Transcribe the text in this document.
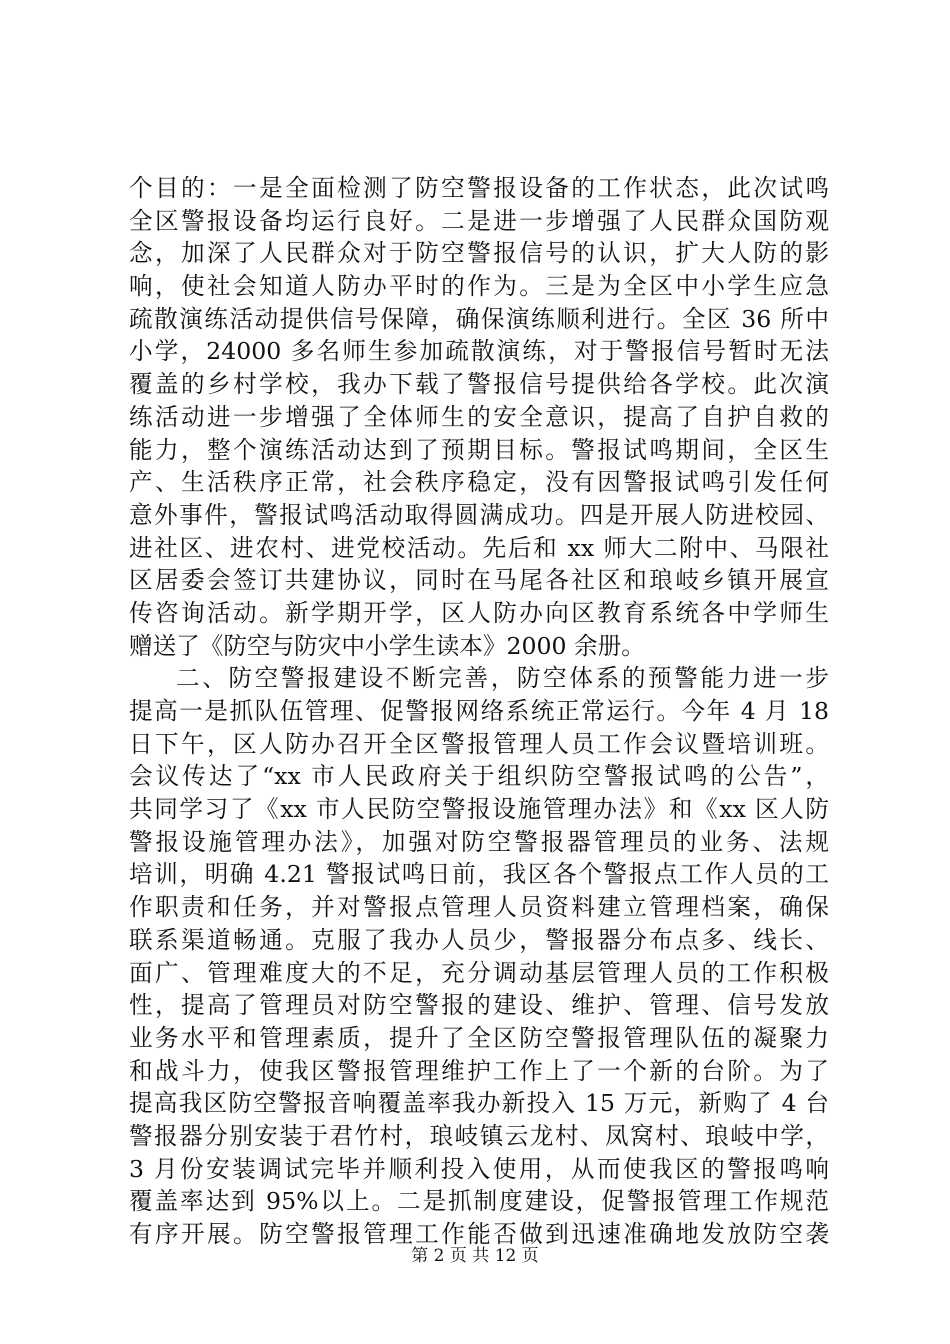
个目的：一是全面检测了防空警报设备的工作状态，此次试鸣
全区警报设备均运行良好。二是进一步增强了人民群众国防观
念，加深了人民群众对于防空警报信号的认识，扩大人防的影
响，使社会知道人防办平时的作为。三是为全区中小学生应急
疏散演练活动提供信号保障，确保演练顺利进行。全区 36 所中
小学，24000 多名师生参加疏散演练，对于警报信号暂时无法
覆盖的乡村学校，我办下载了警报信号提供给各学校。此次演
练活动进一步增强了全体师生的安全意识，提高了自护自救的
能力，整个演练活动达到了预期目标。警报试鸣期间，全区生
产、生活秩序正常，社会秩序稳定，没有因警报试鸣引发任何
意外事件，警报试鸣活动取得圆满成功。四是开展人防进校园、
进社区、进农村、进党校活动。先后和 xx 师大二附中、马限社
区居委会签订共建协议，同时在马尾各社区和琅岐乡镇开展宣
传咨询活动。新学期开学，区人防办向区教育系统各中学师生
赠送了《防空与防灾中小学生读本》2000 余册。
二、防空警报建设不断完善，防空体系的预警能力进一步
提高一是抓队伍管理、促警报网络系统正常运行。今年 4 月 18
日下午，区人防办召开全区警报管理人员工作会议暨培训班。
会议传达了“xx 市人民政府关于组织防空警报试鸣的公告”，
共同学习了《xx 市人民防空警报设施管理办法》和《xx 区人防
警报设施管理办法》，加强对防空警报器管理员的业务、法规
培训，明确 4.21 警报试鸣日前，我区各个警报点工作人员的工
作职责和任务，并对警报点管理人员资料建立管理档案，确保
联系渠道畅通。克服了我办人员少，警报器分布点多、线长、
面广、管理难度大的不足，充分调动基层管理人员的工作积极
性，提高了管理员对防空警报的建设、维护、管理、信号发放
业务水平和管理素质，提升了全区防空警报管理队伍的凝聚力
和战斗力，使我区警报管理维护工作上了一个新的台阶。为了
提高我区防空警报音响覆盖率我办新投入 15 万元，新购了 4 台
警报器分别安装于君竹村，琅岐镇云龙村、凤窝村、琅岐中学，
3 月份安装调试完毕并顺利投入使用，从而使我区的警报鸣响
覆盖率达到 95%以上。二是抓制度建设，促警报管理工作规范
有序开展。防空警报管理工作能否做到迅速准确地发放防空袭
第 2 页 共 12 页
